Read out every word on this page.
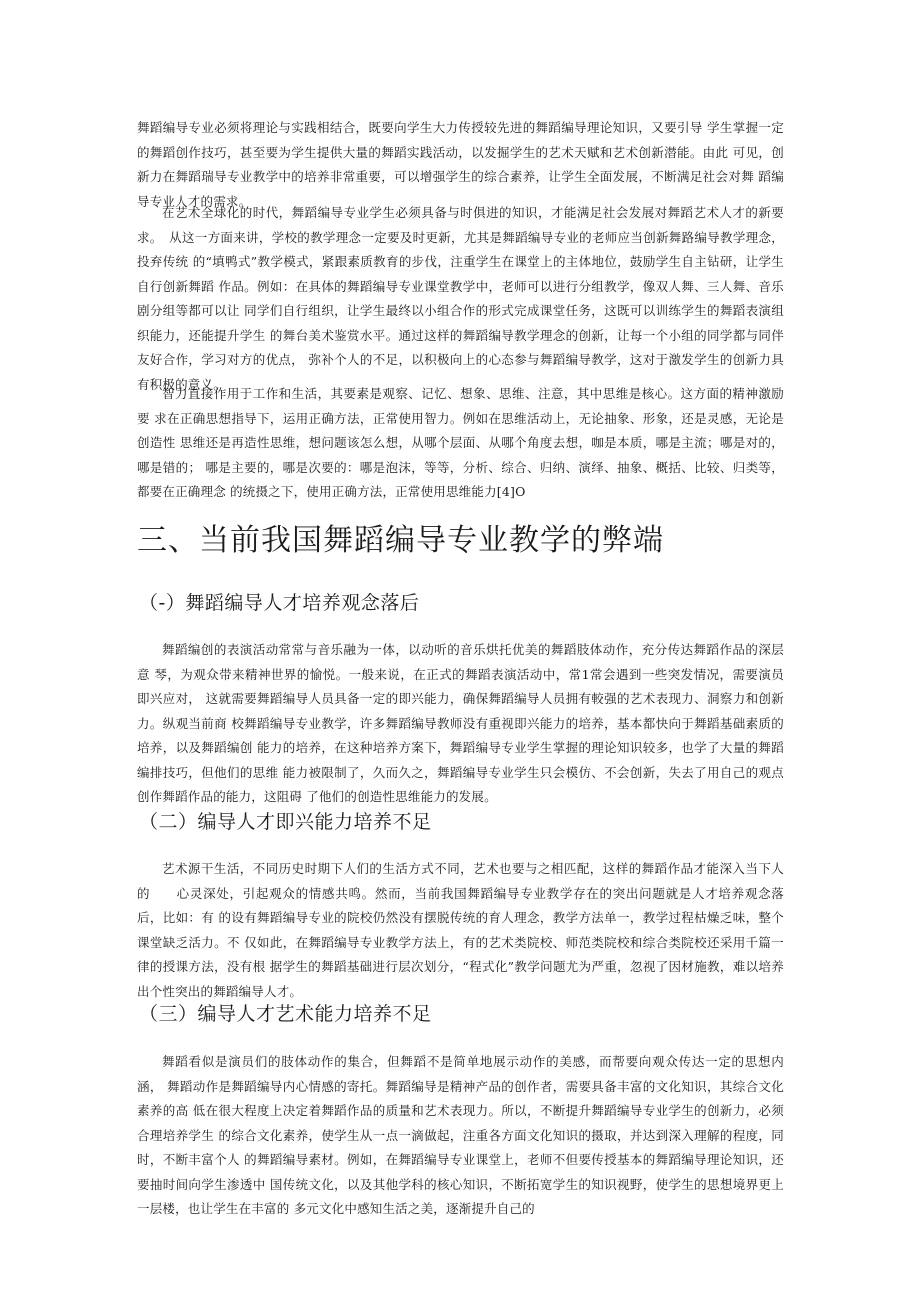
舞蹈编导专业必须将理论与实践相结合，既要向学生大力传授较先进的舞蹈编导理论知识，又要引导 学生掌握一定的舞蹈创作技巧，甚至要为学生提供大量的舞蹈实践活动，以发掘学生的艺术天赋和艺术创新潜能。由此 可见，创新力在舞蹈瑞导专业教学中的培养非常重要，可以增强学生的综合素养，让学生全面发展，不断满足社会对舞 蹈编导专业人才的需求。

在艺术全球化的时代，舞蹈编导专业学生必须具备与时俱进的知识，才能满足社会发展对舞蹈艺术人才的新要求。　从这一方面来讲，学校的教学理念一定要及时更新，尤其是舞蹈编导专业的老师应当创新舞路编导教学理念，投弃传统 的“填鸭式”教学模式，紧跟素质教育的步伐，注重学生在课堂上的主体地位，鼓励学生自主钻研，让学生自行创新舞蹈 作品。例如：在具体的舞蹈编导专业课堂教学中，老师可以进行分组教学，像双人舞、三人舞、音乐剧分组等都可以让 同学们自行组织，让学生最终以小组合作的形式完成课堂任务，这既可以训练学生的舞蹈表演组织能力，还能提升学生 的舞台美术鉴赏水平。通过这样的舞蹈编导教学理念的创新，让每一个小组的同学都与同伴友好合作，学习对方的优点， 弥补个人的不足，以积极向上的心态参与舞蹈编导教学，这对于激发学生的创新力具有积极的意义。

智力直接作用于工作和生活，其要素是观察、记忆、想象、思维、注意，其中思维是核心。这方面的精神激励要 求在正确思想指导下，运用正确方法，正常使用智力。例如在思维活动上，无论抽象、形象，还是灵感，无论是创造性 思维还是再造性思维，想问题该怎么想，从哪个层面、从哪个角度去想，咖是本质，哪是主流；哪是对的，哪是错的； 哪是主要的，哪是次要的：哪是泡沫，等等，分析、综合、归纳、演绎、抽象、概括、比较、归类等，都要在正确理念 的统摄之下，使用正确方法，正常使用思维能力[4]O

三、当前我国舞蹈编导专业教学的弊端
（-）舞蹈编导人才培养观念落后

舞蹈编创的表演活动常常与音乐融为一体，以动听的音乐烘托优美的舞蹈肢体动作，充分传达舞蹈作品的深层意 琴，为观众带来精神世界的愉悦。一般来说，在正式的舞蹈表演活动中，常1常会遇到一些突发情况，需要演员即兴应对， 这就需要舞蹈编导人员具备一定的即兴能力，确保舞蹈编导人员拥有較强的艺术表现力、洞察力和创新力。纵观当前商 校舞蹈编导专业教学，许多舞蹈编导教师没有重视即兴能力的培养，基本都快向于舞蹈基础素质的培养，以及舞蹈编创 能力的培养，在这种培养方案下，舞蹈编导专业学生掌握的理论知识较多，也学了大量的舞蹈编排技巧，但他们的思维 能力被限制了，久而久之，舞蹈编导专业学生只会模仿、不会创新，失去了用自己的观点创作舞蹈作品的能力，这阻碍 了他们的创造性思维能力的发展。

（二）编导人才即兴能力培养不足

艺术源干生活，不同历史时期下人们的生活方式不同，艺术也要与之相匹配，这样的舞蹈作品才能深入当下人的　　心灵深处，引起观众的情感共鸣。然而，当前我国舞蹈编导专业教学存在的突出问题就是人才培养观念落后，比如：有 的设有舞蹈编导专业的院校仍然没有摆脱传统的育人理念，教学方法单一，教学过程枯燥乏味，整个课堂缺乏活力。不 仅如此，在舞蹈编导专业教学方法上，有的艺术类院校、师范类院校和综合类院校还采用千篇一律的授课方法，没有根 据学生的舞蹈基础进行层次划分，“程式化”教学问题尤为严重，忽视了因材施教，难以培养出个性突出的舞蹈编导人才。

（三）编导人才艺术能力培养不足

舞蹈看似是演员们的肢体动作的集合，但舞蹈不是简单地展示动作的美感，而帮要向观众传达一定的思想内涵， 舞蹈动作是舞蹈编导内心情感的寄托。舞蹈编导是精神产品的创作者，需要具备丰富的文化知识，其综合文化素养的高 低在很大程度上决定着舞蹈作品的质量和艺术表现力。所以，不断提升舞蹈编导专业学生的创新力，必须合理培养学生 的综合文化素养，使学生从一点一滴做起，注重各方面文化知识的摄取，并达到深入理解的程度，同时，不断丰富个人 的舞蹈编导素材。例如，在舞蹈编导专业课堂上，老师不但要传授基本的舞蹈编导理论知识，还要抽时间向学生渗透中 国传统文化，以及其他学科的核心知识，不断拓宽学生的知识视野，使学生的思想境界更上一层楼，也让学生在丰富的 多元文化中感知生活之美，逐渐提升自己的
